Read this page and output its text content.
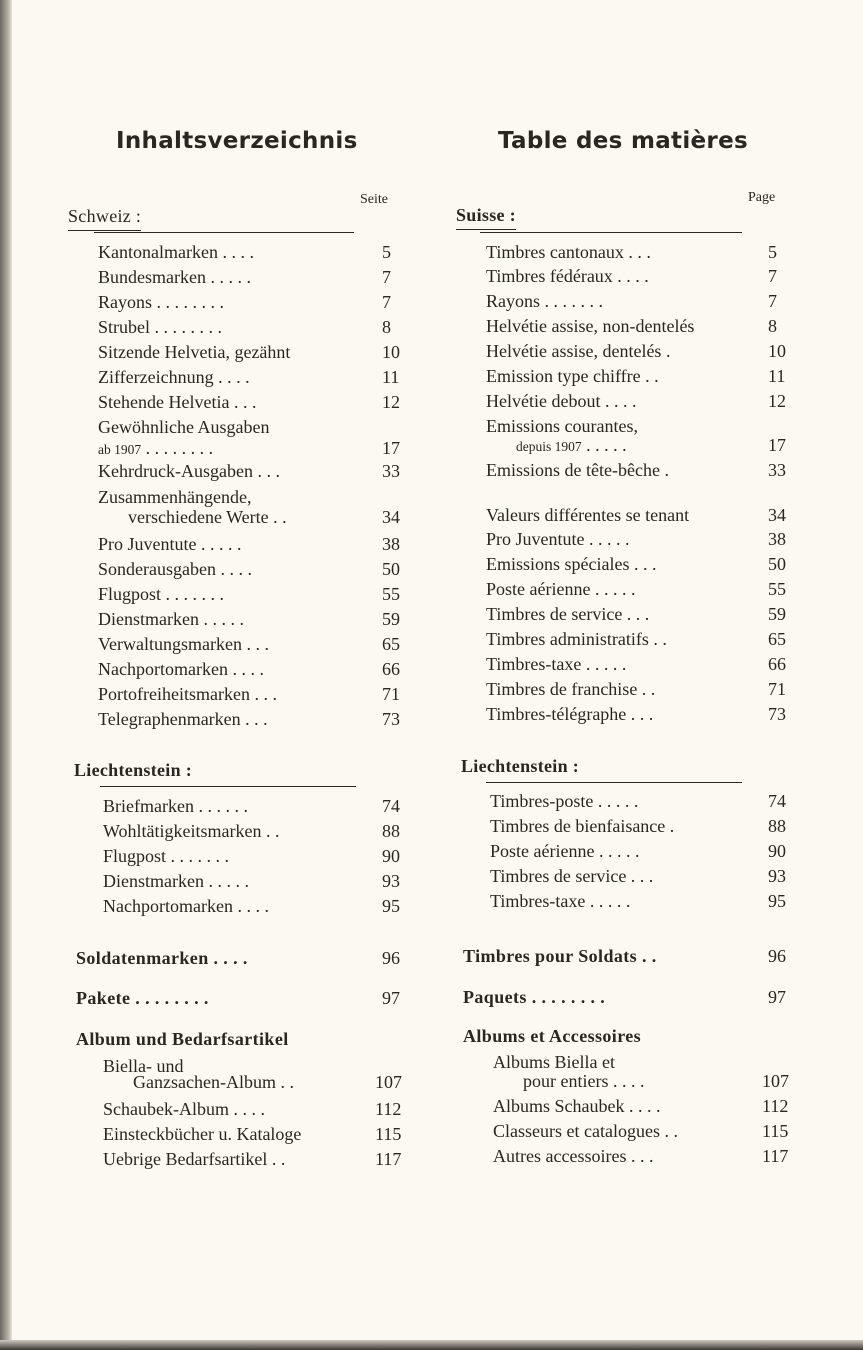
Inhaltsverzeichnis
Seite
Schweiz :
Kantonalmarken . . . .	5
Bundesmarken . . . . .	7
Rayons . . . . . . . .	7
Strubel . . . . . . . .	8
Sitzende Helvetia, gezähnt	10
Zifferzeichnung . . . .	11
Stehende Helvetia . . .	12
Gewöhnliche Ausgaben
ab 1907 . . . . . . . .	17
Kehrdruck-Ausgaben . . .	33
Zusammenhängende,
verschiedene Werte . .	34
Pro Juventute . . . . .	38
Sonderausgaben . . . .	50
Flugpost . . . . . . .	55
Dienstmarken . . . . .	59
Verwaltungsmarken . . .	65
Nachportomarken . . . .	66
Portofreiheitsmarken . . .	71
Telegraphenmarken . . .	73
Liechtenstein :
Briefmarken . . . . . .	74
Wohltätigkeitsmarken . .	88
Flugpost . . . . . . .	90
Dienstmarken . . . . .	93
Nachportomarken . . . .	95
Soldatenmarken . . . .	96
Pakete . . . . . . . .	97
Album und Bedarfsartikel
Biella- und
Ganzsachen-Album . .	107
Schaubek-Album . . . .	112
Einsteckbücher u. Kataloge	115
Uebrige Bedarfsartikel . .	117
Table des matières
Page
Suisse :
Timbres cantonaux . . .	5
Timbres fédéraux . . . .	7
Rayons . . . . . . .	7
Helvétie assise, non-dentelés	8
Helvétie assise, dentelés .	10
Emission type chiffre . .	11
Helvétie debout . . . .	12
Emissions courantes,
depuis 1907 . . . . .	17
Emissions de tête-bêche .	33
Valeurs différentes se tenant	34
Pro Juventute . . . . .	38
Emissions spéciales . . .	50
Poste aérienne . . . . .	55
Timbres de service . . .	59
Timbres administratifs . .	65
Timbres-taxe . . . . .	66
Timbres de franchise . .	71
Timbres-télégraphe . . .	73
Liechtenstein :
Timbres-poste . . . . .	74
Timbres de bienfaisance .	88
Poste aérienne . . . . .	90
Timbres de service . . .	93
Timbres-taxe . . . . .	95
Timbres pour Soldats . .	96
Paquets . . . . . . . .	97
Albums et Accessoires
Albums Biella et
pour entiers . . . .	107
Albums Schaubek . . . .	112
Classeurs et catalogues . .	115
Autres accessoires . . .	117
